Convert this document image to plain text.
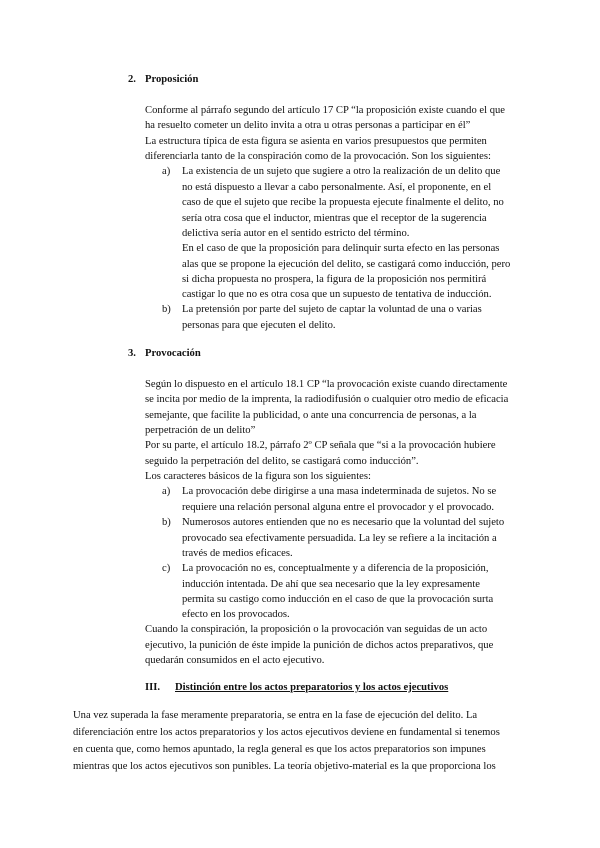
2. Proposición
Conforme al párrafo segundo del artículo 17 CP “la proposición existe cuando el que
ha resuelto cometer un delito invita a otra u otras personas a participar en él”
La estructura típica de esta figura se asienta en varios presupuestos que permiten
diferenciarla tanto de la conspiración como de la provocación. Son los siguientes:
a) La existencia de un sujeto que sugiere a otro la realización de un delito que
no está dispuesto a llevar a cabo personalmente. Así, el proponente, en el
caso de que el sujeto que recibe la propuesta ejecute finalmente el delito, no
sería otra cosa que el inductor, mientras que el receptor de la sugerencia
delictiva sería autor en el sentido estricto del término.
En el caso de que la proposición para delinquir surta efecto en las personas
alas que se propone la ejecución del delito, se castigará como inducción, pero
si dicha propuesta no prospera, la figura de la proposición nos permitirá
castigar lo que no es otra cosa que un supuesto de tentativa de inducción.
b) La pretensión por parte del sujeto de captar la voluntad de una o varias
personas para que ejecuten el delito.
3. Provocación
Según lo dispuesto en el artículo 18.1 CP “la provocación existe cuando directamente
se incita por medio de la imprenta, la radiodifusión o cualquier otro medio de eficacia
semejante, que facilite la publicidad, o ante una concurrencia de personas, a la
perpetración de un delito”
Por su parte, el artículo 18.2, párrafo 2º CP señala que “si a la provocación hubiere
seguido la perpetración del delito, se castigará como inducción”.
Los caracteres básicos de la figura son los siguientes:
a) La provocación debe dirigirse a una masa indeterminada de sujetos. No se
requiere una relación personal alguna entre el provocador y el provocado.
b) Numerosos autores entienden que no es necesario que la voluntad del sujeto
provocado sea efectivamente persuadida. La ley se refiere a la incitación a
través de medios eficaces.
c) La provocación no es, conceptualmente y a diferencia de la proposición,
inducción intentada. De ahí que sea necesario que la ley expresamente
permita su castigo como inducción en el caso de que la provocación surta
efecto en los provocados.
Cuando la conspiración, la proposición o la provocación van seguidas de un acto
ejecutivo, la punición de éste impide la punición de dichos actos preparativos, que
quedarán consumidos en el acto ejecutivo.
III. Distinción entre los actos preparatorios y los actos ejecutivos
Una vez superada la fase meramente preparatoria, se entra en la fase de ejecución del delito. La
diferenciación entre los actos preparatorios y los actos ejecutivos deviene en fundamental si tenemos
en cuenta que, como hemos apuntado, la regla general es que los actos preparatorios son impunes
mientras que los actos ejecutivos son punibles. La teoría objetivo-material es la que proporciona los
